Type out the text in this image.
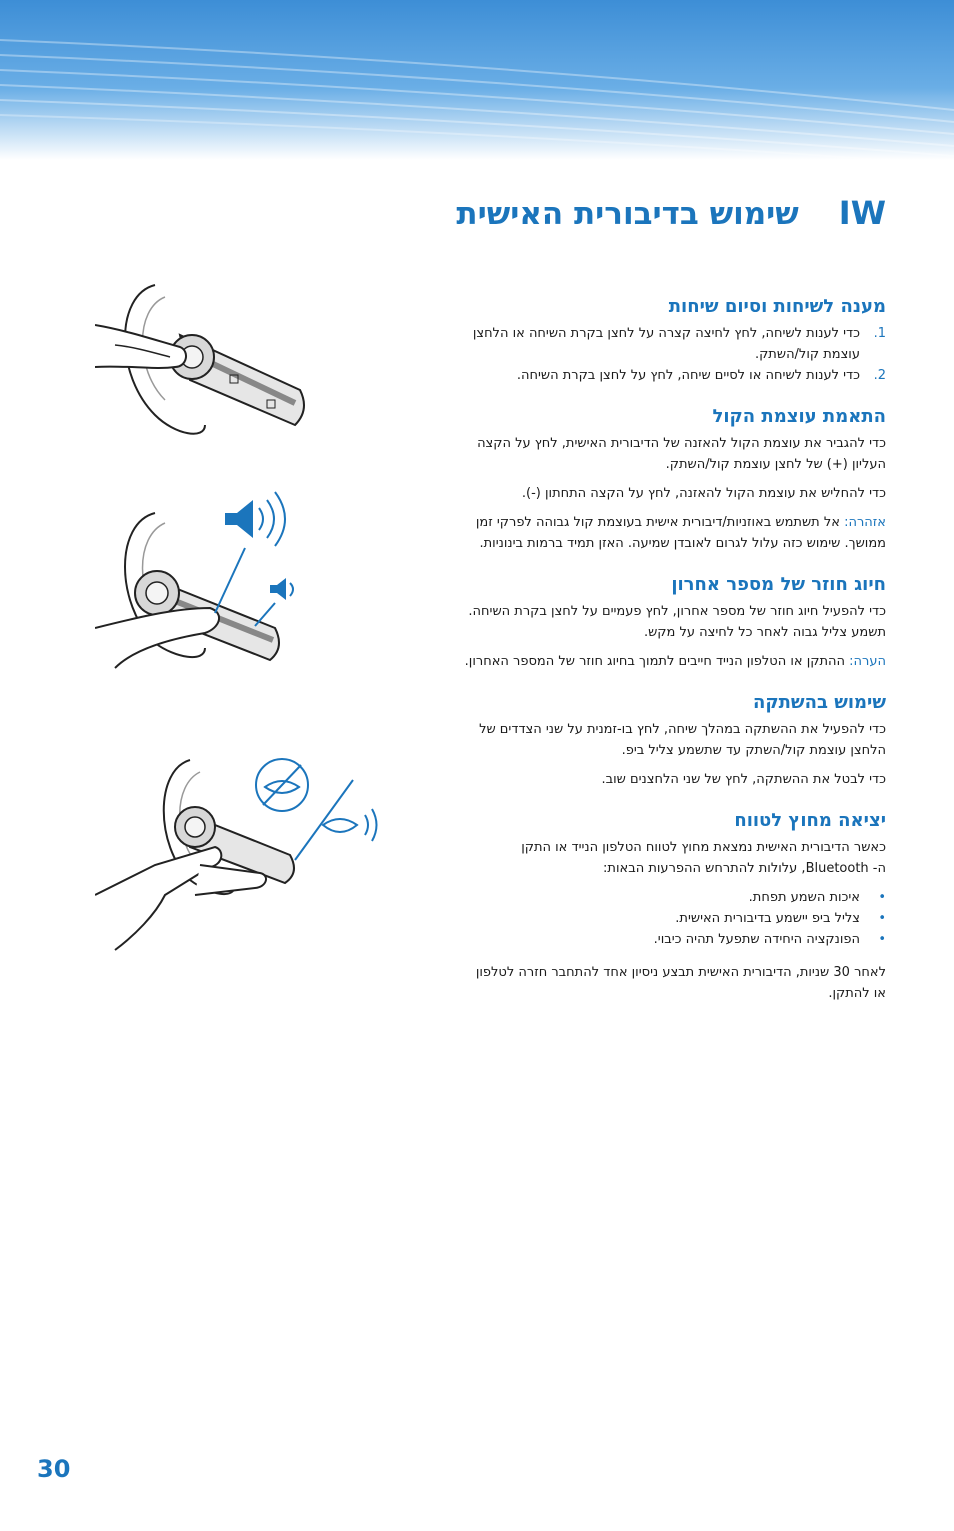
IW
שימוש בדיבורית האישית
מענה לשיחות וסיום שיחות
1.
כדי לענות לשיחה, לחץ לחיצה קצרה על לחצן בקרת השיחה או הלחצן
עוצמת קול/השתק.
2.
כדי לענות לשיחה או לסיים שיחה, לחץ על לחצן בקרת השיחה.
התאמת עוצמת הקול

כדי להגביר את עוצמת הקול להאזנה של הדיבורית האישית, לחץ על הקצה
העליון (+) של לחצן עוצמת קול/השתק.

כדי להחליש את עוצמת הקול להאזנה, לחץ על הקצה התחתון (-).

אזהרה: אל תשתמש באוזניות/דיבורית אישית בעוצמת קול גבוהה לפרקי זמן
ממושך. שימוש כזה עלול לגרום לאובדן שמיעה. האזן תמיד ברמות בינוניות.

חיוג חוזר של מספר אחרון

כדי להפעיל חיוג חוזר של מספר אחרון, לחץ פעמיים על לחצן בקרת השיחה.
תשמע צליל גבוה לאחר כל לחיצה על מקש.

הערה: ההתקן או הטלפון הנייד חייבים לתמוך בחיוג חוזר של המספר האחרון.

שימוש בהשתקה

כדי להפעיל את ההשתקה במהלך שיחה, לחץ בו-זמנית על שני הצדדים של
הלחצן עוצמת קול/השתק עד שתשמע צליל ביפ.

כדי לבטל את ההשתקה, לחץ של שני הלחצנים שוב.

יציאה מחוץ לטווח

כאשר הדיבורית האישית נמצאת מחוץ לטווח הטלפון הנייד או התקן
ה- Bluetooth, עלולות להתרחש ההפרעות הבאות:

•
איכות השמע תפחת.
•
צליל ביפ יישמע בדיבורית האישית.
•
הפונקציה היחידה שתפעל תהיה כיבוי.

לאחר 30 שניות, הדיבורית האישית תבצע ניסיון אחד להתחבר חזרה לטלפון
או להתקן.

30
